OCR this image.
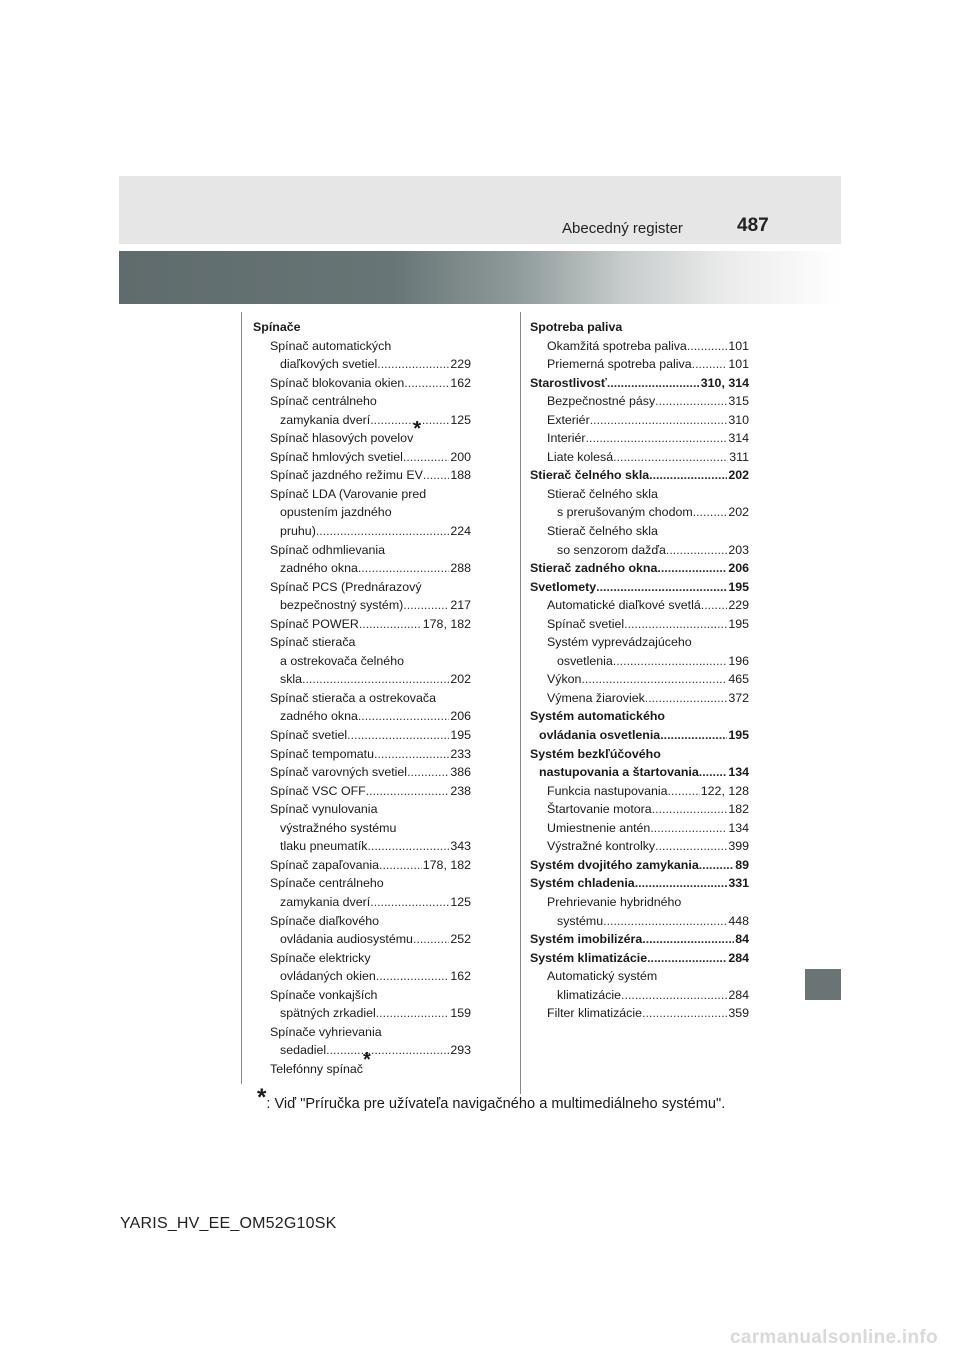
Abecedný register	487
Spínače
Spínač automatických
diaľkových svetiel .....	229
Spínač blokovania okien .....	162
Spínač centrálneho
zamykania dverí .....	125
Spínač hlasových povelov *
Spínač hmlových svetiel .....	200
Spínač jazdného režimu EV ..... 188
Spínač LDA (Varovanie pred
opustením jazdného
pruhu) .....	224
Spínač odhmlievania
zadného okna .....	288
Spínač PCS (Prednárazový
bezpečnostný systém) .....	217
Spínač POWER .....	178, 182
Spínač stierača
a ostrekovača čelného
skla .....	202
Spínač stierača a ostrekovača
zadného okna .....	206
Spínač svetiel .....	195
Spínač tempomatu .....	233
Spínač varovných svetiel .....	386
Spínač VSC OFF .....	238
Spínač vynulovania
výstražného systému
tlaku pneumatík .....	343
Spínač zapaľovania .....	178, 182
Spínače centrálneho
zamykania dverí .....	125
Spínače diaľkového
ovládania audiosystému .....	252
Spínače elektricky
ovládaných okien .....	162
Spínače vonkajších
spätných zrkadiel .....	159
Spínače vyhrievania
sedadiel .....	293
Telefónny spínač *
Spotreba paliva
Okamžitá spotreba paliva .....	101
Priemerná spotreba paliva .....	101
Starostlivosť .....	310, 314
Bezpečnostné pásy .....	315
Exteriér .....	310
Interiér .....	314
Liate kolesá .....	311
Stierač čelného skla .....	202
Stierač čelného skla
s prerušovaným chodom .....	202
Stierač čelného skla
so senzorom dažďa .....	203
Stierač zadného okna .....	206
Svetlomety .....	195
Automatické diaľkové svetlá ..... 229
Spínač svetiel .....	195
Systém vyprevádzajúceho
osvetlenia .....	196
Výkon .....	465
Výmena žiaroviek .....	372
Systém automatického
ovládania osvetlenia .....	195
Systém bezkľúčového
nastupovania a štartovania ..... 134
Funkcia nastupovania .....	122, 128
Štartovanie motora .....	182
Umiestnenie antén .....	134
Výstražné kontrolky .....	399
Systém dvojitého zamykania .....	89
Systém chladenia .....	331
Prehrievanie hybridného
systému .....	448
Systém imobilizéra .....	84
Systém klimatizácie .....	284
Automatický systém
klimatizácie .....	284
Filter klimatizácie .....	359
*: Viď "Príručka pre užívateľa navigačného a multimediálneho systému".
YARIS_HV_EE_OM52G10SK
carmanualsonline.info
